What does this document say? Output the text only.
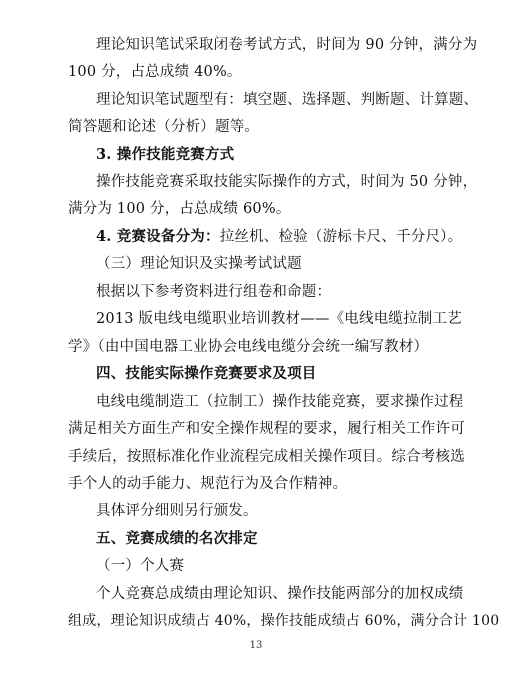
理论知识笔试采取闭卷考试方式，时间为 90 分钟，满分为
100 分，占总成绩 40%。
理论知识笔试题型有：填空题、选择题、判断题、计算题、
简答题和论述（分析）题等。
3. 操作技能竞赛方式
操作技能竞赛采取技能实际操作的方式，时间为 50 分钟，
满分为 100 分，占总成绩 60%。
4. 竞赛设备分为：拉丝机、检验（游标卡尺、千分尺）。
（三）理论知识及实操考试试题
根据以下参考资料进行组卷和命题：
2013 版电线电缆职业培训教材——《电线电缆拉制工艺
学》（由中国电器工业协会电线电缆分会统一编写教材）
四、技能实际操作竞赛要求及项目
电线电缆制造工（拉制工）操作技能竞赛，要求操作过程
满足相关方面生产和安全操作规程的要求，履行相关工作许可
手续后，按照标准化作业流程完成相关操作项目。综合考核选
手个人的动手能力、规范行为及合作精神。
具体评分细则另行颁发。
五、竞赛成绩的名次排定
（一）个人赛
个人竞赛总成绩由理论知识、操作技能两部分的加权成绩
组成，理论知识成绩占 40%，操作技能成绩占 60%，满分合计 100
13
